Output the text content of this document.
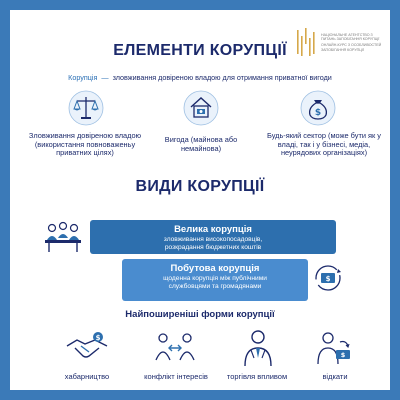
НАЦІОНАЛЬНЕ АГЕНТСТВО З ПИТАНЬ ЗАПОБІГАННЯ КОРУПЦІЇ
ОНЛАЙН-КУРС З ОСОБЛИВОСТЕЙ ЗАПОБІГАННЯ КОРУПЦІЇ
ЕЛЕМЕНТИ КОРУПЦІЇ
Корупція — зловживання довіреною владою для отримання приватної вигоди
$
Зловживання довіреною владою (використання повноваженьу приватних цілях)
Вигода (майнова або немайнова)
Будь-який сектор (може бути як у владі, так і у бізнесі, медіа, неурядових організаціях)
ВИДИ КОРУПЦІЇ
Велика корупція
зловживання високопосадовців, розкрадання бюджетних коштів
Побутова корупція
щоденна корупція між публічними службовцями та громадянами
$
Найпоширеніші форми корупції
$
$
хабарництво	конфлікт інтересів	торгівля впливом	відкати
